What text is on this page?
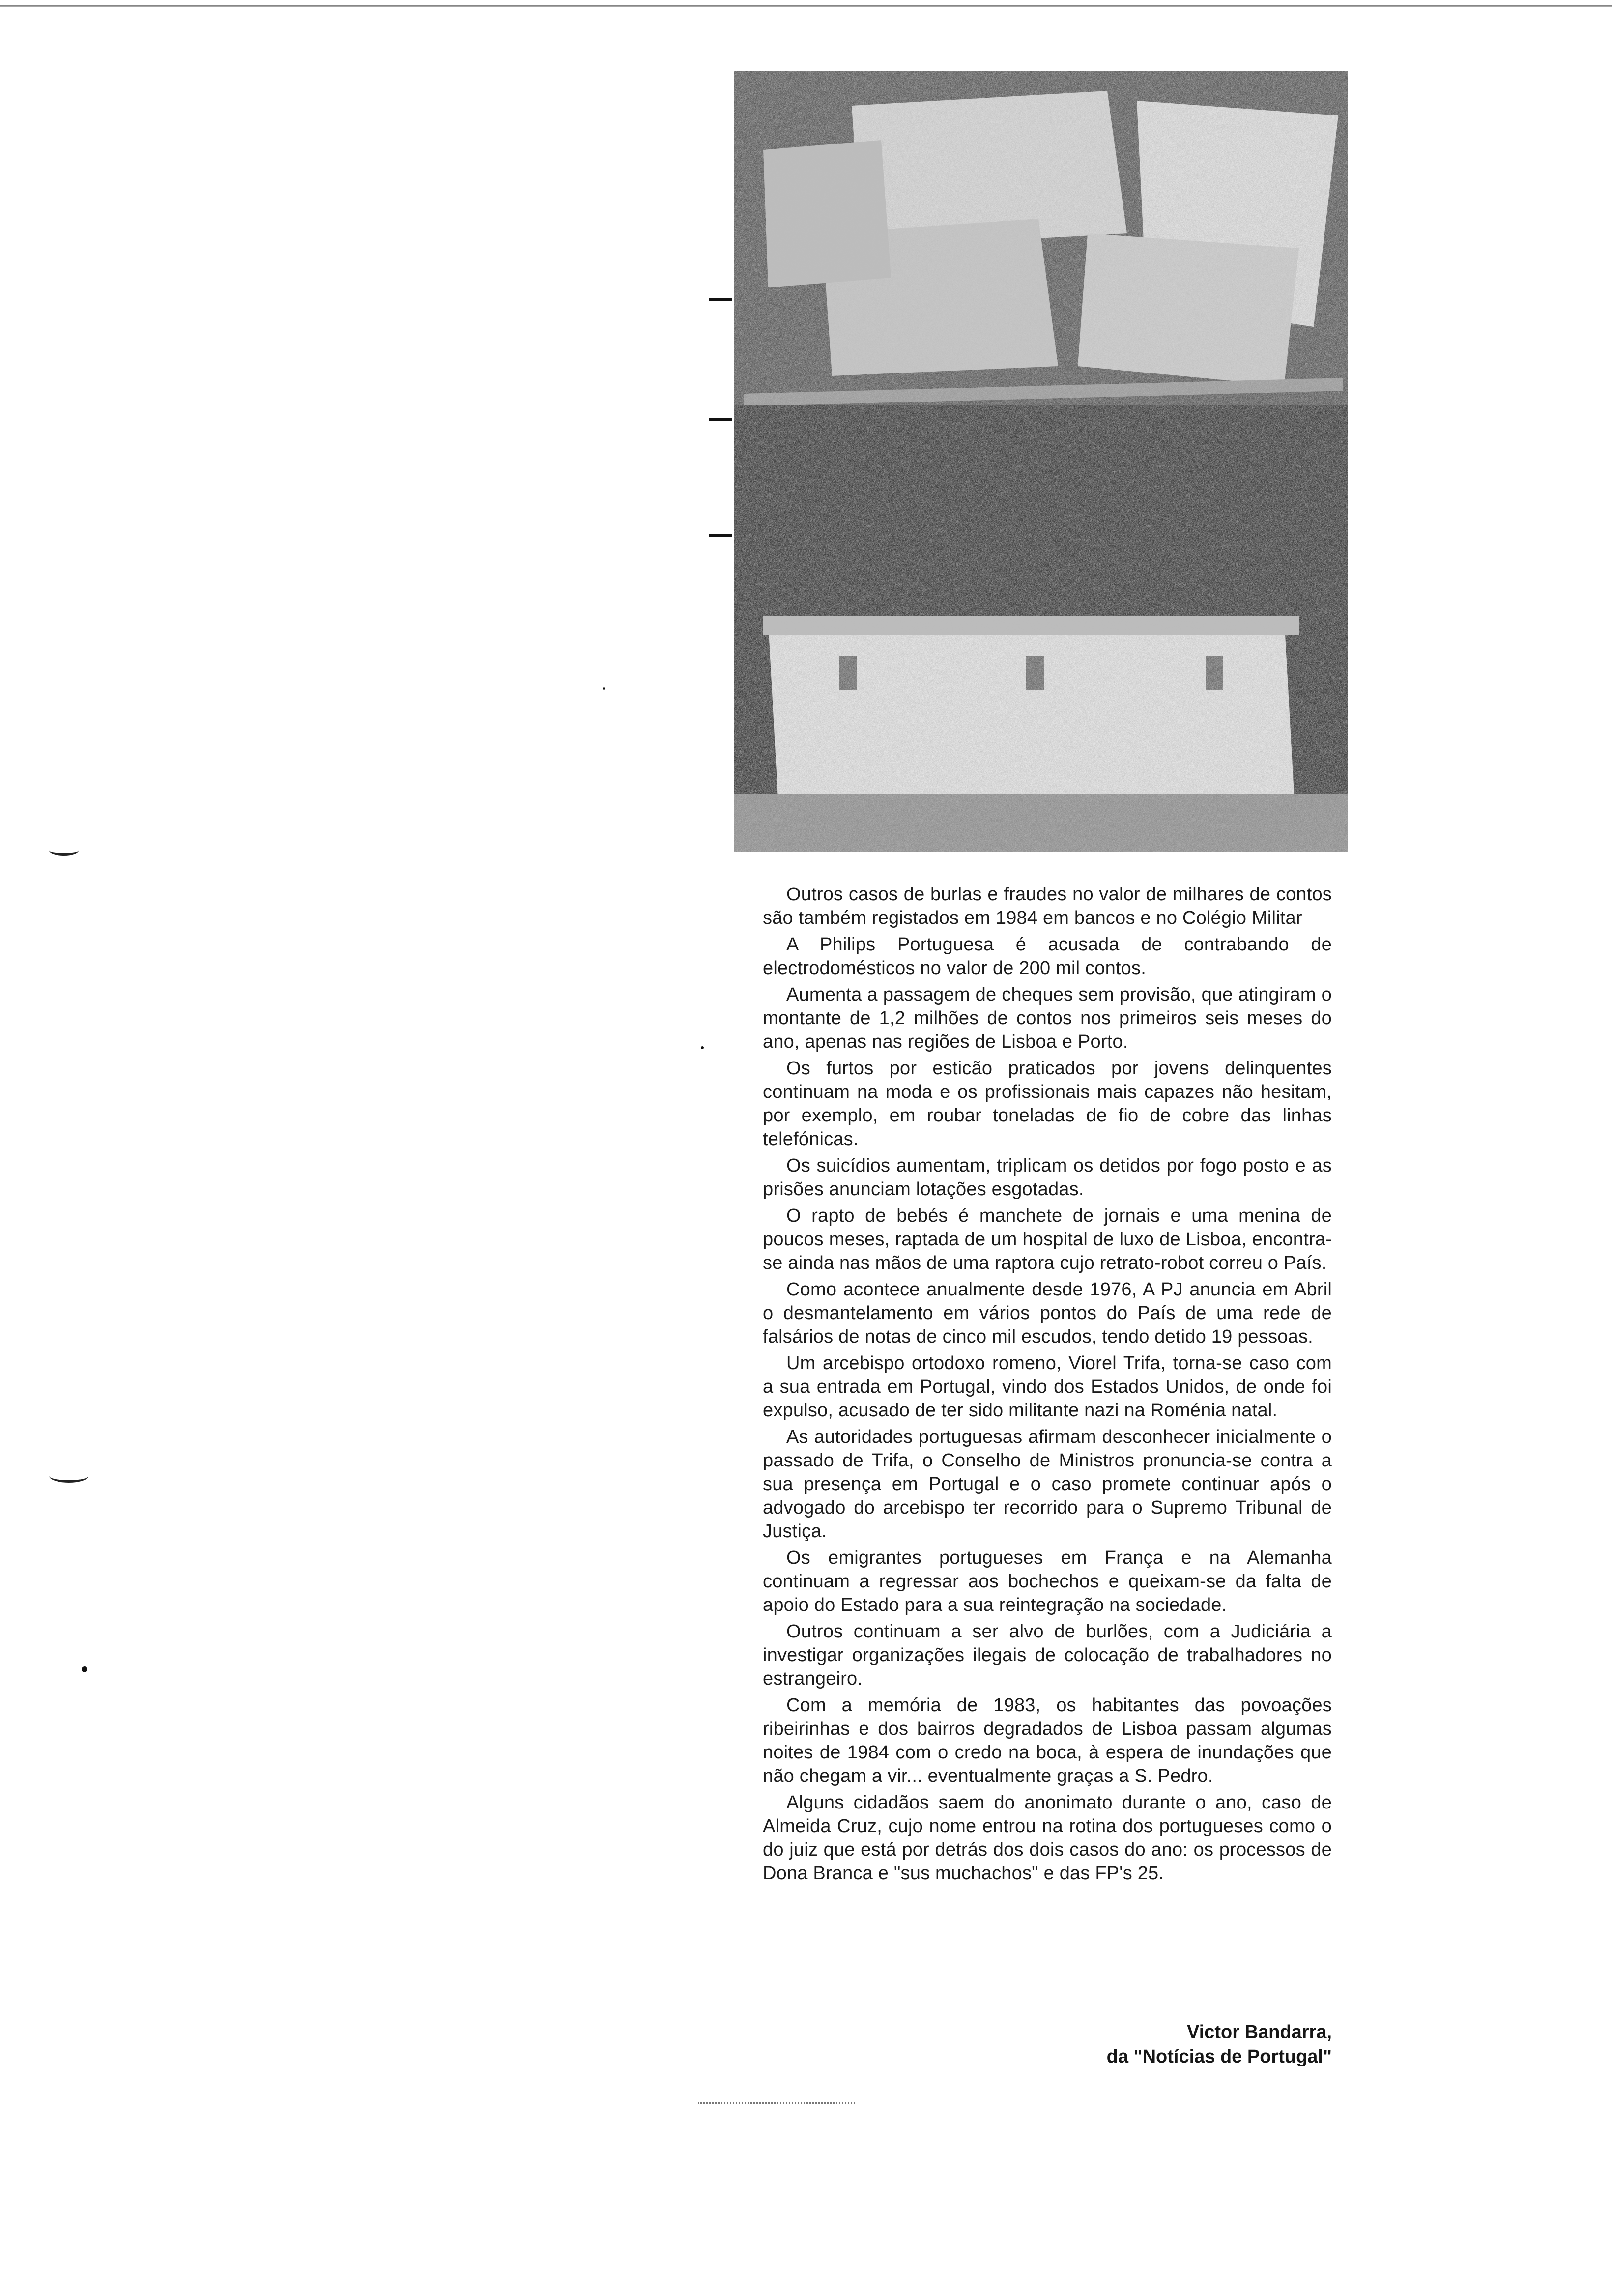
Outros casos de burlas e fraudes no valor de milhares de contos são também registados em 1984 em bancos e no Colégio Militar

A Philips Portuguesa é acusada de contrabando de electrodomésticos no valor de 200 mil contos.

Aumenta a passagem de cheques sem provisão, que atingiram o montante de 1,2 milhões de contos nos primeiros seis meses do ano, apenas nas regiões de Lisboa e Porto.

Os furtos por esticão praticados por jovens delinquentes continuam na moda e os profissionais mais capazes não hesitam, por exemplo, em roubar toneladas de fio de cobre das linhas telefónicas.

Os suicídios aumentam, triplicam os detidos por fogo posto e as prisões anunciam lotações esgotadas.

O rapto de bebés é manchete de jornais e uma menina de poucos meses, raptada de um hospital de luxo de Lisboa, encontra-se ainda nas mãos de uma raptora cujo retrato-robot correu o País.

Como acontece anualmente desde 1976, A PJ anuncia em Abril o desmantelamento em vários pontos do País de uma rede de falsários de notas de cinco mil escudos, tendo detido 19 pessoas.

Um arcebispo ortodoxo romeno, Viorel Trifa, torna-se caso com a sua entrada em Portugal, vindo dos Estados Unidos, de onde foi expulso, acusado de ter sido militante nazi na Roménia natal.

As autoridades portuguesas afirmam desconhecer inicialmente o passado de Trifa, o Conselho de Ministros pronuncia-se contra a sua presença em Portugal e o caso promete continuar após o advogado do arcebispo ter recorrido para o Supremo Tribunal de Justiça.

Os emigrantes portugueses em França e na Alemanha continuam a regressar aos bochechos e queixam-se da falta de apoio do Estado para a sua reintegração na sociedade.

Outros continuam a ser alvo de burlões, com a Judiciária a investigar organizações ilegais de colocação de trabalhadores no estrangeiro.

Com a memória de 1983, os habitantes das povoações ribeirinhas e dos bairros degradados de Lisboa passam algumas noites de 1984 com o credo na boca, à espera de inundações que não chegam a vir... eventualmente graças a S. Pedro.

Alguns cidadãos saem do anonimato durante o ano, caso de Almeida Cruz, cujo nome entrou na rotina dos portugueses como o do juiz que está por detrás dos dois casos do ano: os processos de Dona Branca e "sus muchachos" e das FP's 25.

Victor Bandarra,
da "Notícias de Portugal"
